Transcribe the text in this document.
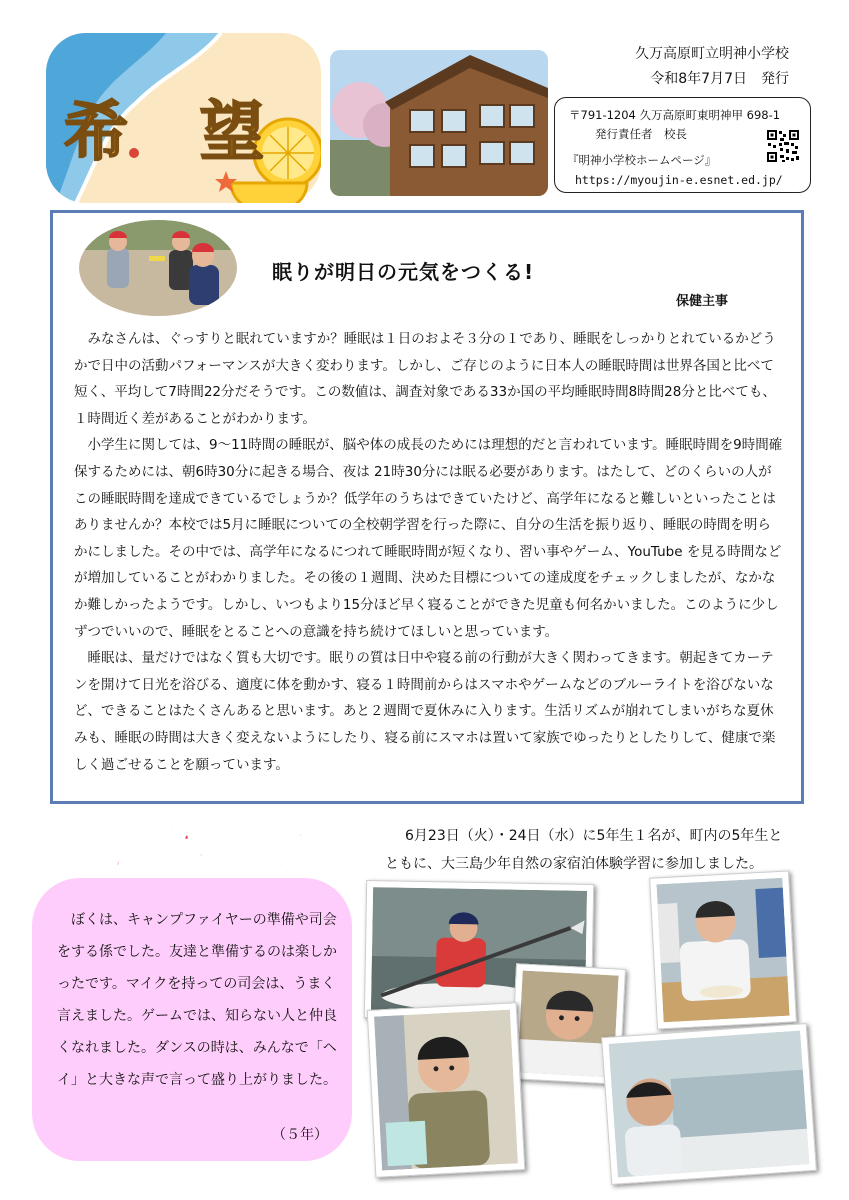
希　望
久万高原町立明神小学校
令和8年7月7日　発行
〒791-1204 久万高原町東明神甲 698-1
発行責任者　校長
『明神小学校ホームページ』
https://myoujin-e.esnet.ed.jp/
眠りが明日の元気をつくる!
保健主事

みなさんは、ぐっすりと眠れていますか？睡眠は１日のおよそ３分の１であり、睡眠をしっかりとれているかどうかで日中の活動パフォーマンスが大きく変わります。しかし、ご存じのように日本人の睡眠時間は世界各国と比べて短く、平均して7時間22分だそうです。この数値は、調査対象である33か国の平均睡眠時間8時間28分と比べても、１時間近く差があることがわかります。

小学生に関しては、9～11時間の睡眠が、脳や体の成長のためには理想的だと言われています。睡眠時間を9時間確保するためには、朝6時30分に起きる場合、夜は 21時30分には眠る必要があります。はたして、どのくらいの人がこの睡眠時間を達成できているでしょうか？低学年のうちはできていたけど、高学年になると難しいといったことはありませんか？本校では5月に睡眠についての全校朝学習を行った際に、自分の生活を振り返り、睡眠の時間を明らかにしました。その中では、高学年になるにつれて睡眠時間が短くなり、習い事やゲーム、YouTube を見る時間などが増加していることがわかりました。その後の１週間、決めた目標についての達成度をチェックしましたが、なかなか難しかったようです。しかし、いつもより15分ほど早く寝ることができた児童も何名かいました。このように少しずつでいいので、睡眠をとることへの意識を持ち続けてほしいと思っています。

睡眠は、量だけではなく質も大切です。眠りの質は日中や寝る前の行動が大きく関わってきます。朝起きてカーテンを開けて日光を浴びる、適度に体を動かす、寝る１時間前からはスマホやゲームなどのブルーライトを浴びないなど、できることはたくさんあると思います。あと２週間で夏休みに入ります。生活リズムが崩れてしまいがちな夏休みも、睡眠の時間は大きく変えないようにしたり、寝る前にスマホは置いて家族でゆったりとしたりして、健康で楽しく過ごせることを願っています。

宿泊体験学習	6月23日（火）・24日（水）に5年生１名が、町内の5年生と
ともに、大三島少年自然の家宿泊体験学習に参加しました。

ぼくは、キャンプファイヤーの準備や司会をする係でした。友達と準備するのは楽しかったです。マイクを持っての司会は、うまく言えました。ゲームでは、知らない人と仲良くなれました。ダンスの時は、みんなで「ヘイ」と大きな声で言って盛り上がりました。

（５年）
